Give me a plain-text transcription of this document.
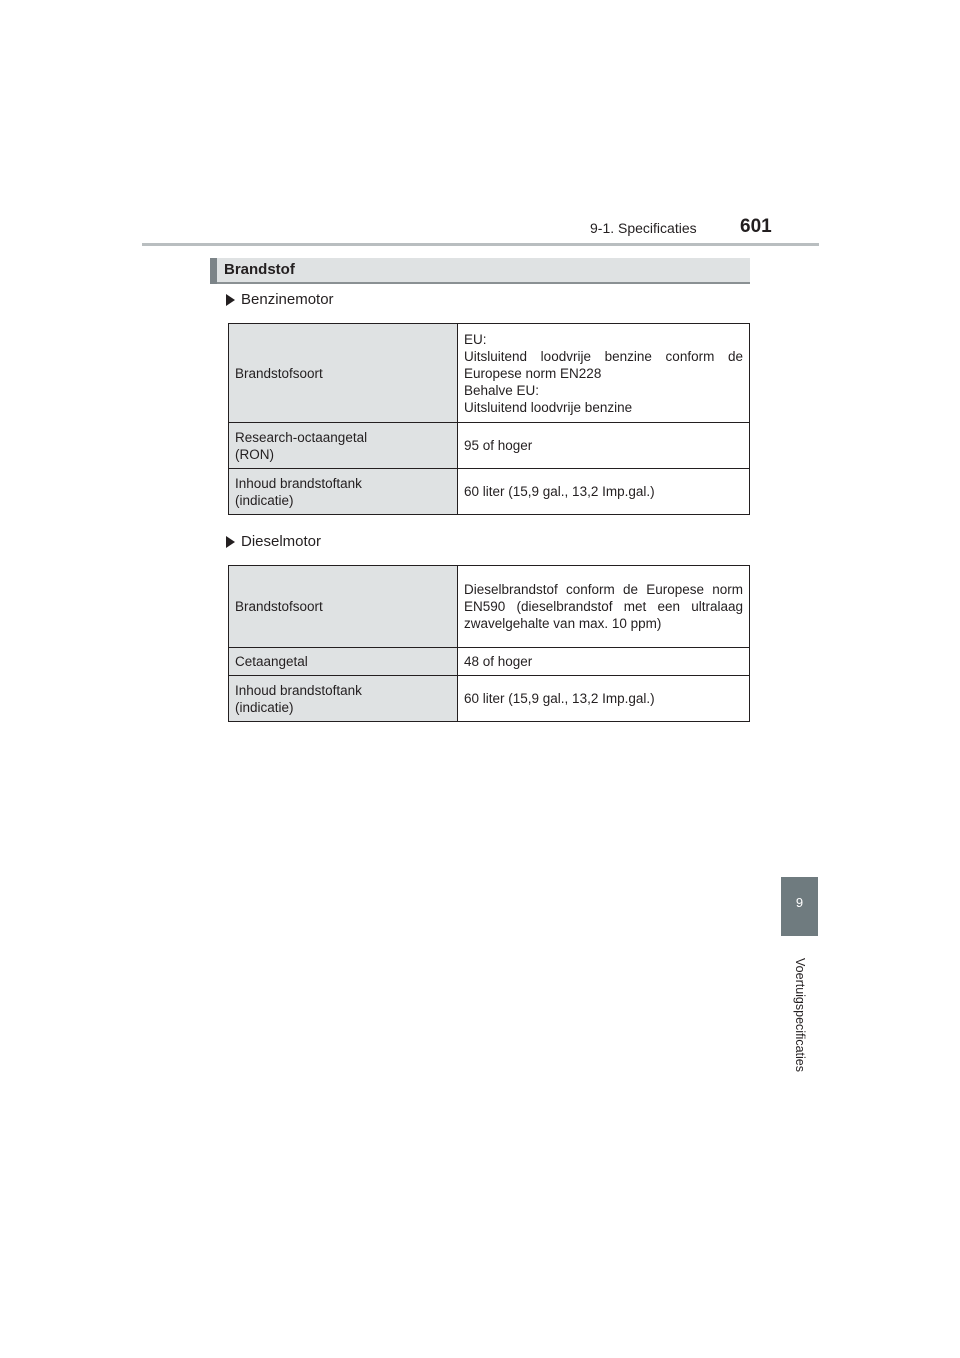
9-1. Specificaties 601
Brandstof
Benzinemotor
Brandstofsoort	EU:
Uitsluitend loodvrije benzine conform de Europese norm EN228
Behalve EU:
Uitsluitend loodvrije benzine

Research-octaangetal
(RON)	95 of hoger

Inhoud brandstoftank
(indicatie)	60 liter (15,9 gal., 13,2 Imp.gal.)
Dieselmotor
Brandstofsoort	Dieselbrandstof conform de Europese norm EN590 (dieselbrandstof met een ultralaag zwavelgehalte van max. 10 ppm)
Cetaangetal	48 of hoger

Inhoud brandstoftank
(indicatie)	60 liter (15,9 gal., 13,2 Imp.gal.)
9
Voertuigspecificaties
